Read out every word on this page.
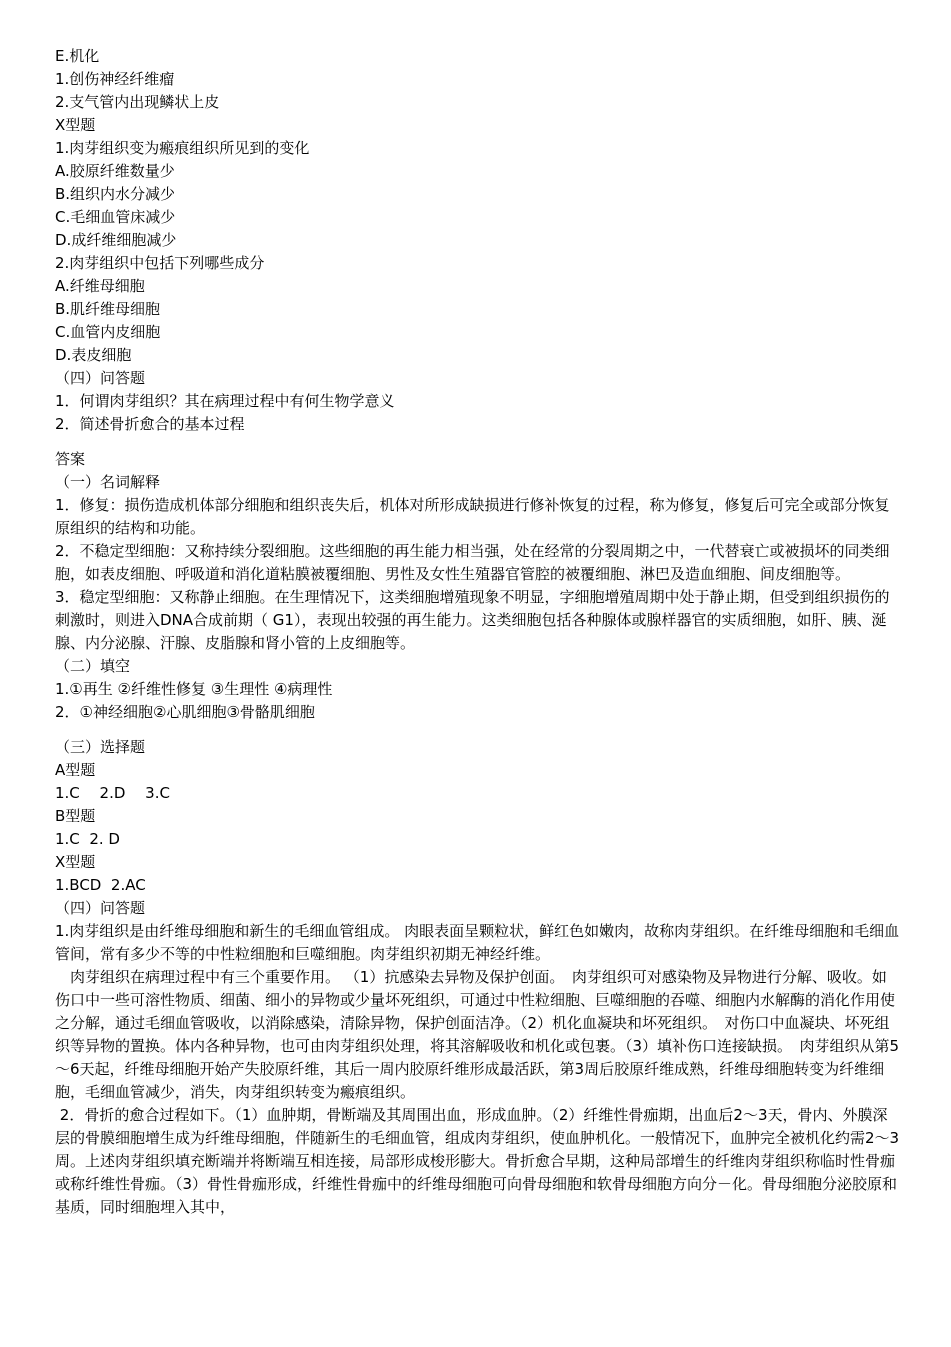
E.机化
1.创伤神经纤维瘤
2.支气管内出现鳞状上皮
X型题
1.肉芽组织变为瘢痕组织所见到的变化
A.胶原纤维数量少
B.组织内水分减少
C.毛细血管床减少
D.成纤维细胞减少
2.肉芽组织中包括下列哪些成分
A.纤维母细胞
B.肌纤维母细胞
C.血管内皮细胞
D.表皮细胞
（四）问答题
1．何谓肉芽组织？其在病理过程中有何生物学意义
2．简述骨折愈合的基本过程
答案
（一）名词解释
1．修复：损伤造成机体部分细胞和组织丧失后，机体对所形成缺损进行修补恢复的过程，称为修复，修复后可完全或部分恢复原组织的结构和功能。
2．不稳定型细胞：又称持续分裂细胞。这些细胞的再生能力相当强，处在经常的分裂周期之中，一代替衰亡或被损坏的同类细胞，如表皮细胞、呼吸道和消化道粘膜被覆细胞、男性及女性生殖器官管腔的被覆细胞、淋巴及造血细胞、间皮细胞等。
3．稳定型细胞：又称静止细胞。在生理情况下，这类细胞增殖现象不明显，字细胞增殖周期中处于静止期，但受到组织损伤的刺激时，则进入DNA合成前期（ G1），表现出较强的再生能力。这类细胞包括各种腺体或腺样器官的实质细胞，如肝、胰、涎腺、内分泌腺、汗腺、皮脂腺和肾小管的上皮细胞等。
（二）填空
1.①再生 ②纤维性修复 ③生理性 ④病理性
2．①神经细胞②心肌细胞③骨骼肌细胞
（三）选择题
A型题
1.C　 2.D　 3.C
B型题
1.C  2. D
X型题
1.BCD  2.AC
（四）问答题
1.肉芽组织是由纤维母细胞和新生的毛细血管组成。 肉眼表面呈颗粒状，鲜红色如嫩肉，故称肉芽组织。在纤维母细胞和毛细血管间，常有多少不等的中性粒细胞和巨噬细胞。肉芽组织初期无神经纤维。
　肉芽组织在病理过程中有三个重要作用。 （1）抗感染去异物及保护创面。　肉芽组织可对感染物及异物进行分解、吸收。如伤口中一些可溶性物质、细菌、细小的异物或少量坏死组织，可通过中性粒细胞、巨噬细胞的吞噬、细胞内水解酶的消化作用使之分解，通过毛细血管吸收，以消除感染，清除异物，保护创面洁净。（2）机化血凝块和坏死组织。　对伤口中血凝块、坏死组织等异物的置换。体内各种异物，也可由肉芽组织处理，将其溶解吸收和机化或包裹。（3）填补伤口连接缺损。　肉芽组织从第5～6天起，纤维母细胞开始产失胶原纤维，其后一周内胶原纤维形成最活跃，第3周后胶原纤维成熟，纤维母细胞转变为纤维细胞，毛细血管减少，消失，肉芽组织转变为瘢痕组织。
2．骨折的愈合过程如下。（1）血肿期，骨断端及其周围出血，形成血肿。（2）纤维性骨痂期，出血后2～3天，骨内、外膜深层的骨膜细胞增生成为纤维母细胞，伴随新生的毛细血管，组成肉芽组织，使血肿机化。一般情况下，血肿完全被机化约需2～3周。上述肉芽组织填充断端并将断端互相连接，局部形成梭形膨大。骨折愈合早期，这种局部增生的纤维肉芽组织称临时性骨痂或称纤维性骨痂。（3）骨性骨痂形成，纤维性骨痂中的纤维母细胞可向骨母细胞和软骨母细胞方向分－化。骨母细胞分泌胶原和基质，同时细胞埋入其中，
